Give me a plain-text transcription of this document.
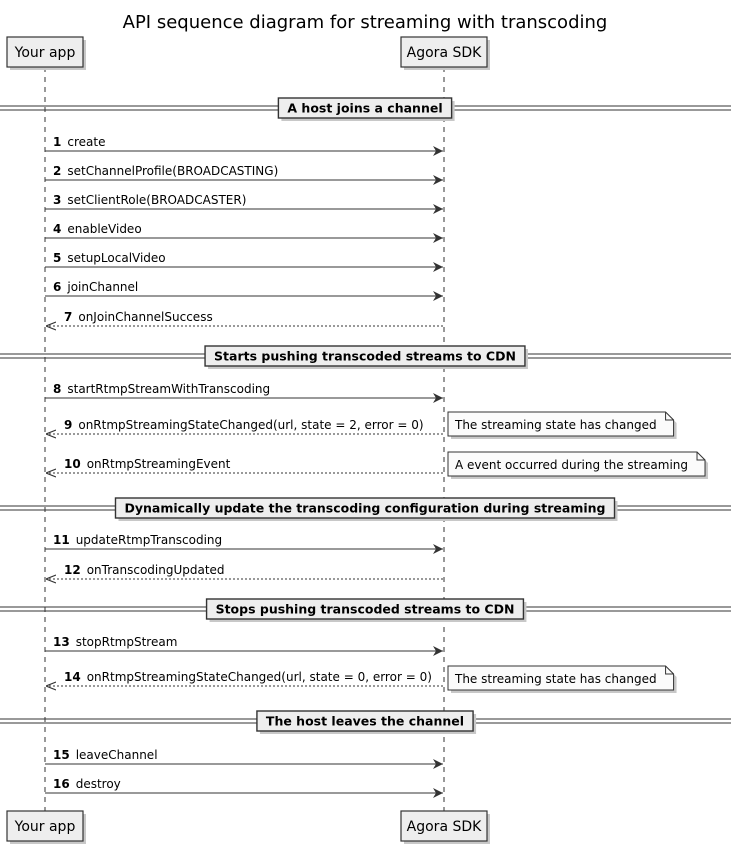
API sequence diagram for streaming with transcoding
A host joins a channel
Starts pushing transcoded streams to CDN
Dynamically update the transcoding configuration during streaming
Stops pushing transcoded streams to CDN
The host leaves the channel
1 create
2 setChannelProfile(BROADCASTING)
3 setClientRole(BROADCASTER)
4 enableVideo
5 setupLocalVideo
6 joinChannel
7 onJoinChannelSuccess
8 startRtmpStreamWithTranscoding
9 onRtmpStreamingStateChanged(url, state = 2, error = 0)
10 onRtmpStreamingEvent
11 updateRtmpTranscoding
12 onTranscodingUpdated
13 stopRtmpStream
14 onRtmpStreamingStateChanged(url, state = 0, error = 0)
15 leaveChannel
16 destroy
The streaming state has changed
A event occurred during the streaming
The streaming state has changed
Your app
Your app
Agora SDK
Agora SDK
